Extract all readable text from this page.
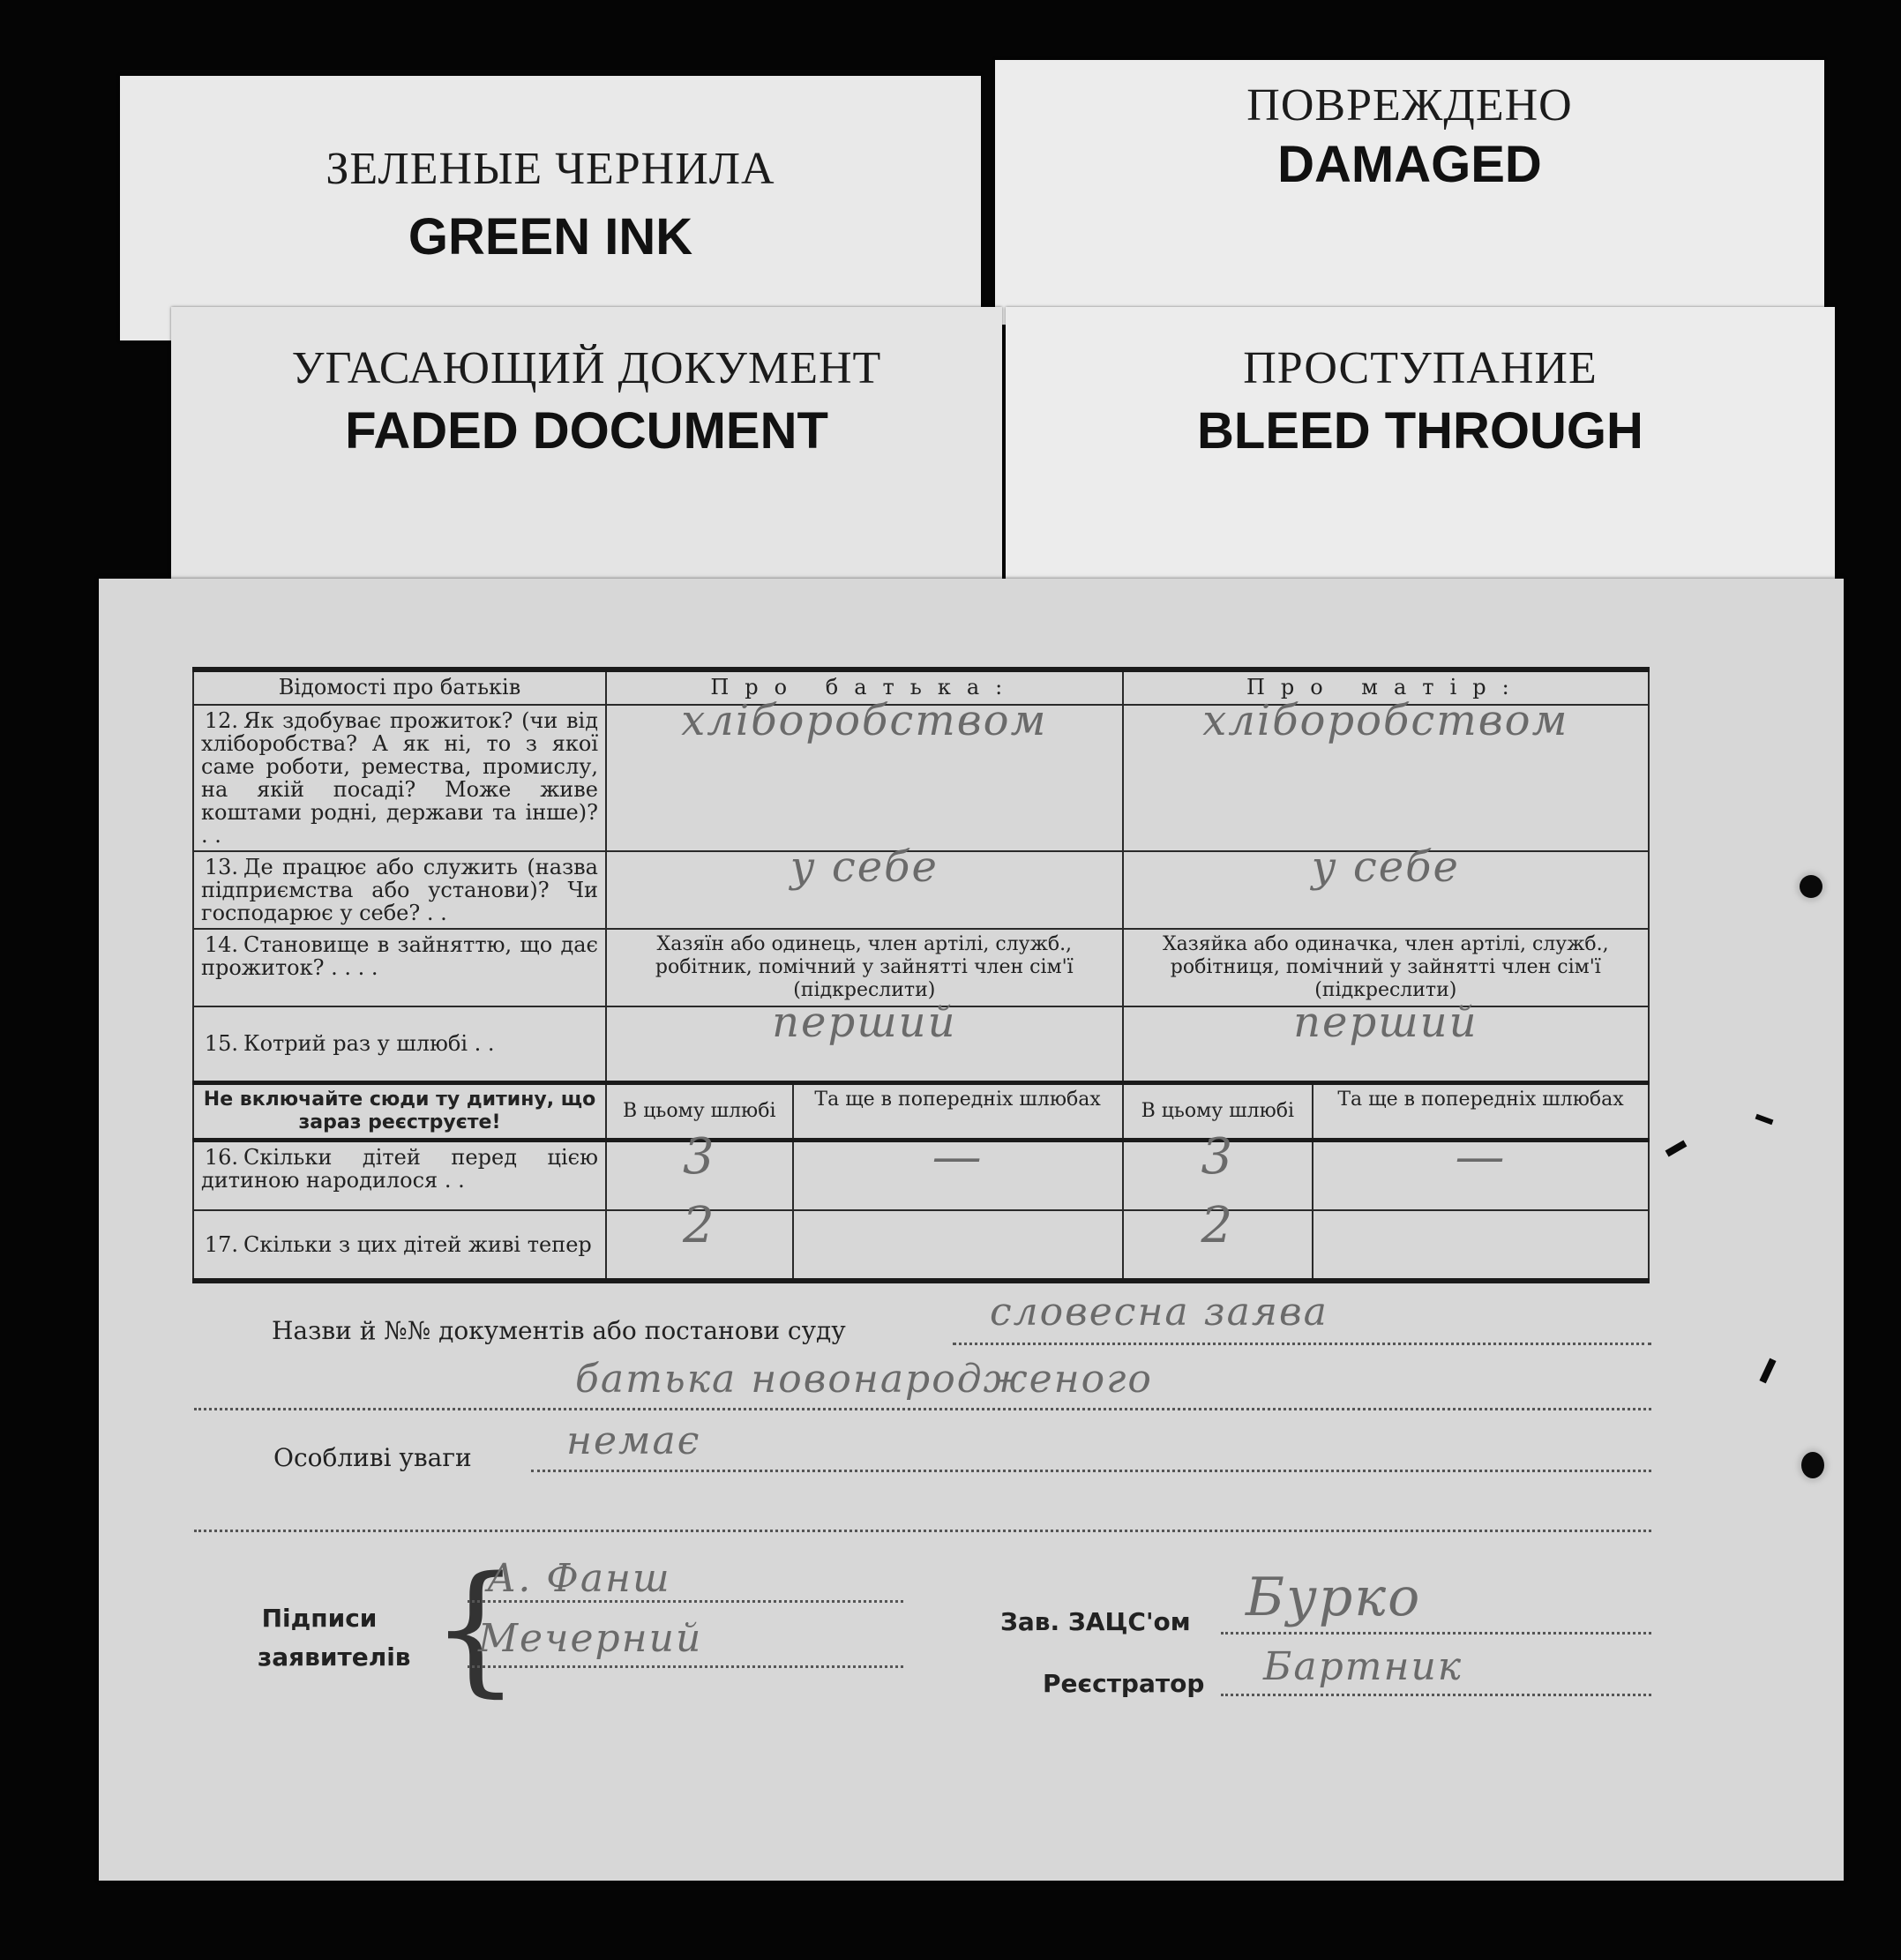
ЗЕЛЕНЫЕ ЧЕРНИЛА
GREEN INK
ПОВРЕЖДЕНО
DAMAGED
УГАСАЮЩИЙ ДОКУМЕНТ
FADED DOCUMENT
ПРОСТУПАНИЕ
BLEED THROUGH
Відомості про батьків	Про батька:		Про матір:	
12. Як здобуває прожиток? (чи від хліборобства? А як ні, то з якої саме роботи, ремества, промислу, на якій посаді? Може живе коштами родні, держави та інше)? . .	хліборобством		хліборобством	
13. Де працює або служить (назва підприємства або установи)? Чи господарює у себе? . .	у себе		у себе	
14. Становище в зайняттю, що дає прожиток? . . . .	Хазяїн або одинець, член артілі, служб., робітник, помічний у зайнятті член сім'ї (підкреслити)		Хазяйка або одиначка, член артілі, служб., робітниця, помічний у зайнятті член сім'ї (підкреслити)	
15. Котрий раз у шлюбі . .	перший		перший	
Не включайте сюди ту дитину, що зараз реєструєте!	В цьому шлюбі	Та ще в попередніх шлюбах	В цьому шлюбі	Та ще в попередніх шлюбах
16. Скільки дітей перед цією дитиною народилося . .	3	—	3	—
17. Скільки з цих дітей живі тепер	2		2	
Назви й №№ документів або постанови суду	словесна заява
батька новонародженого
Особливі уваги немає
Підписи
заявителів {
А. Фанш
Мечерний	Зав. ЗАЦС'ом Бурко
Реєстратор Бартник
